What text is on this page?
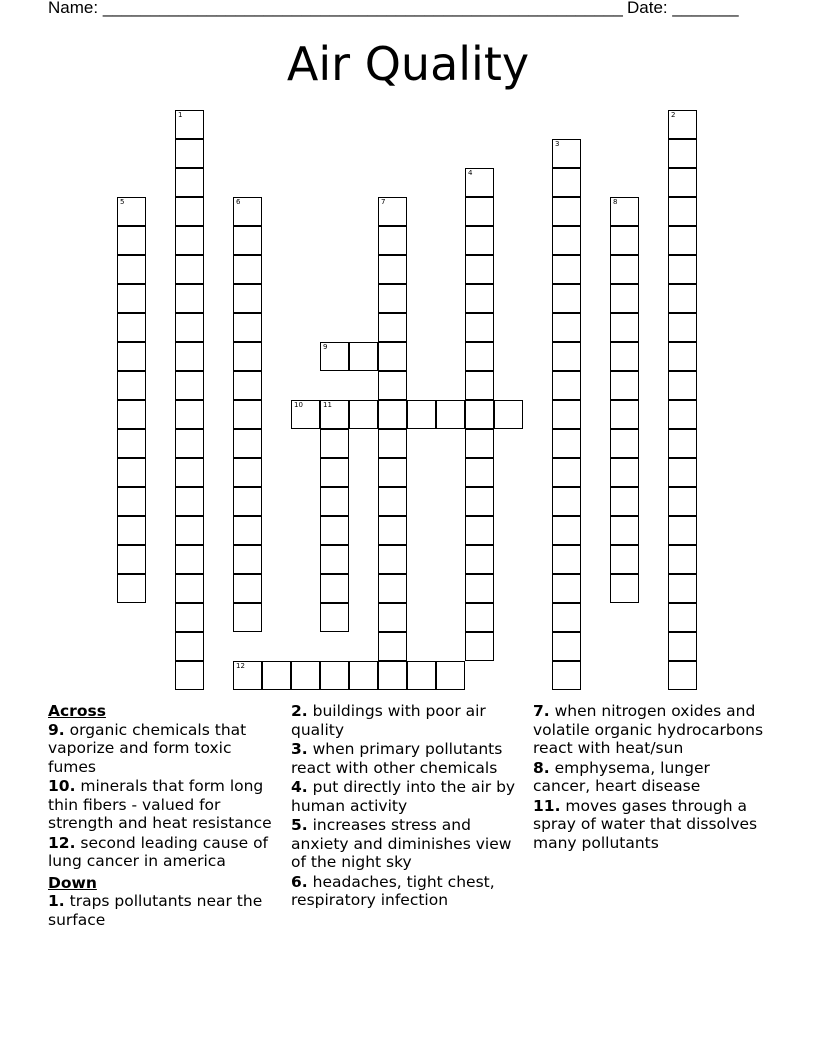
Name: _______________________________________________________ Date: _______
Air Quality
1	2
3
4
5	6	7	8
9
10	11
12
Across

9. organic chemicals that vaporize and form toxic fumes

10. minerals that form long thin fibers - valued for strength and heat resistance

12. second leading cause of lung cancer in america

Down

1. traps pollutants near the surface

2. buildings with poor air quality

3. when primary pollutants react with other chemicals

4. put directly into the air by human activity

5. increases stress and anxiety and diminishes view of the night sky

6. headaches, tight chest, respiratory infection

7. when nitrogen oxides and volatile organic hydrocarbons react with heat/sun

8. emphysema, lunger cancer, heart disease

11. moves gases through a spray of water that dissolves many pollutants
